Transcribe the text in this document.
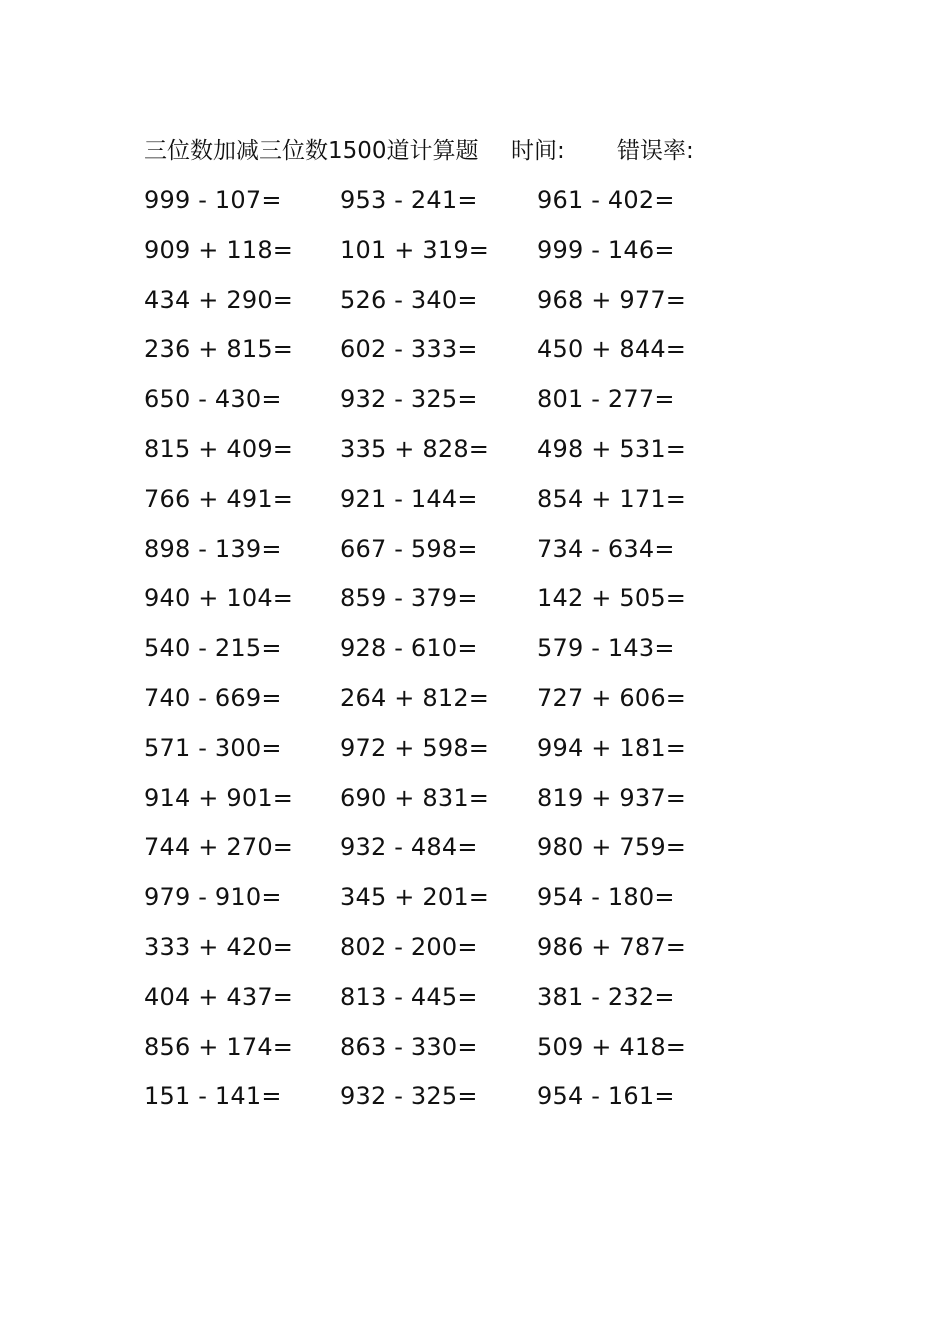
三位数加减三位数1500道计算题 时间: 错误率:
999 - 107= 953 - 241= 961 - 402=
909 + 118= 101 + 319= 999 - 146=
434 + 290= 526 - 340= 968 + 977=
236 + 815= 602 - 333= 450 + 844=
650 - 430= 932 - 325= 801 - 277=
815 + 409= 335 + 828= 498 + 531=
766 + 491= 921 - 144= 854 + 171=
898 - 139= 667 - 598= 734 - 634=
940 + 104= 859 - 379= 142 + 505=
540 - 215= 928 - 610= 579 - 143=
740 - 669= 264 + 812= 727 + 606=
571 - 300= 972 + 598= 994 + 181=
914 + 901= 690 + 831= 819 + 937=
744 + 270= 932 - 484= 980 + 759=
979 - 910= 345 + 201= 954 - 180=
333 + 420= 802 - 200= 986 + 787=
404 + 437= 813 - 445= 381 - 232=
856 + 174= 863 - 330= 509 + 418=
151 - 141= 932 - 325= 954 - 161=
